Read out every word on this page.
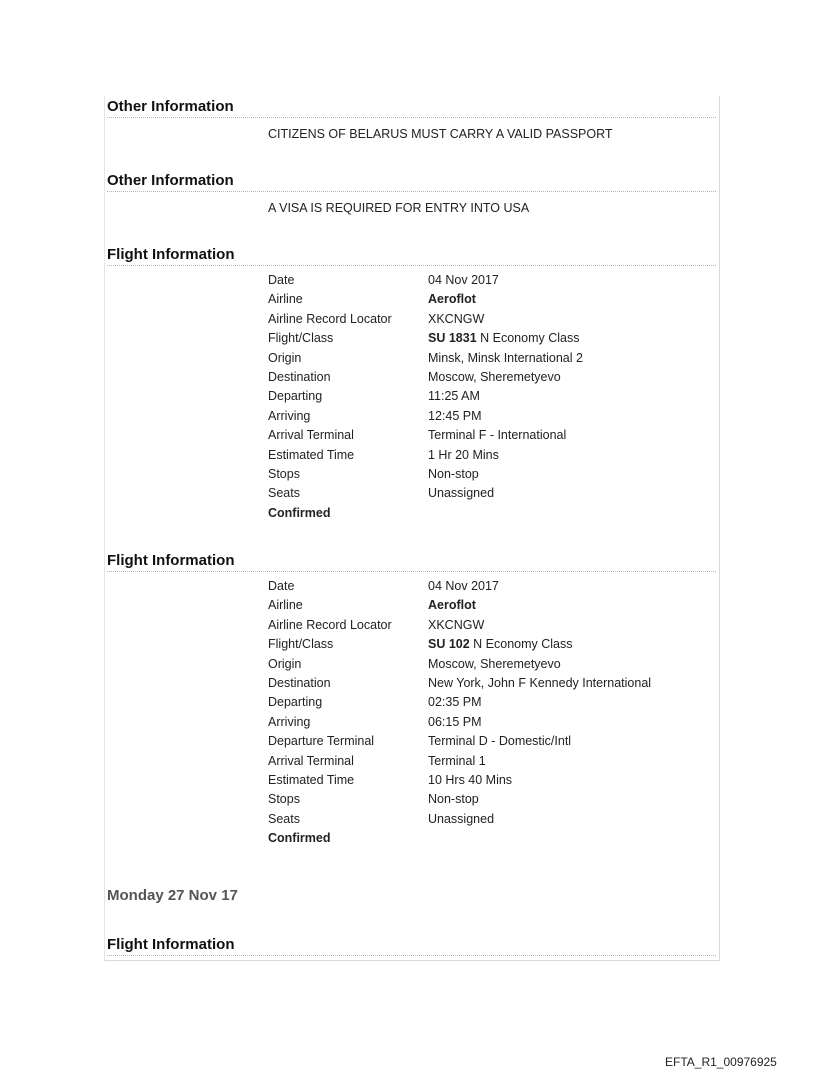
Other Information
CITIZENS OF BELARUS MUST CARRY A VALID PASSPORT
Other Information
A VISA IS REQUIRED FOR ENTRY INTO USA
Flight Information
Date	04 Nov 2017
Airline	Aeroflot
Airline Record Locator	XKCNGW
Flight/Class	SU 1831 N Economy Class
Origin	Minsk, Minsk International 2
Destination	Moscow, Sheremetyevo
Departing	11:25 AM
Arriving	12:45 PM
Arrival Terminal	Terminal F - International
Estimated Time	1 Hr 20 Mins
Stops	Non-stop
Seats	Unassigned
Confirmed
Flight Information
Date	04 Nov 2017
Airline	Aeroflot
Airline Record Locator	XKCNGW
Flight/Class	SU 102 N Economy Class
Origin	Moscow, Sheremetyevo
Destination	New York, John F Kennedy International
Departing	02:35 PM
Arriving	06:15 PM
Departure Terminal	Terminal D - Domestic/Intl
Arrival Terminal	Terminal 1
Estimated Time	10 Hrs 40 Mins
Stops	Non-stop
Seats	Unassigned
Confirmed
Monday 27 Nov 17
Flight Information
EFTA_R1_00976925
